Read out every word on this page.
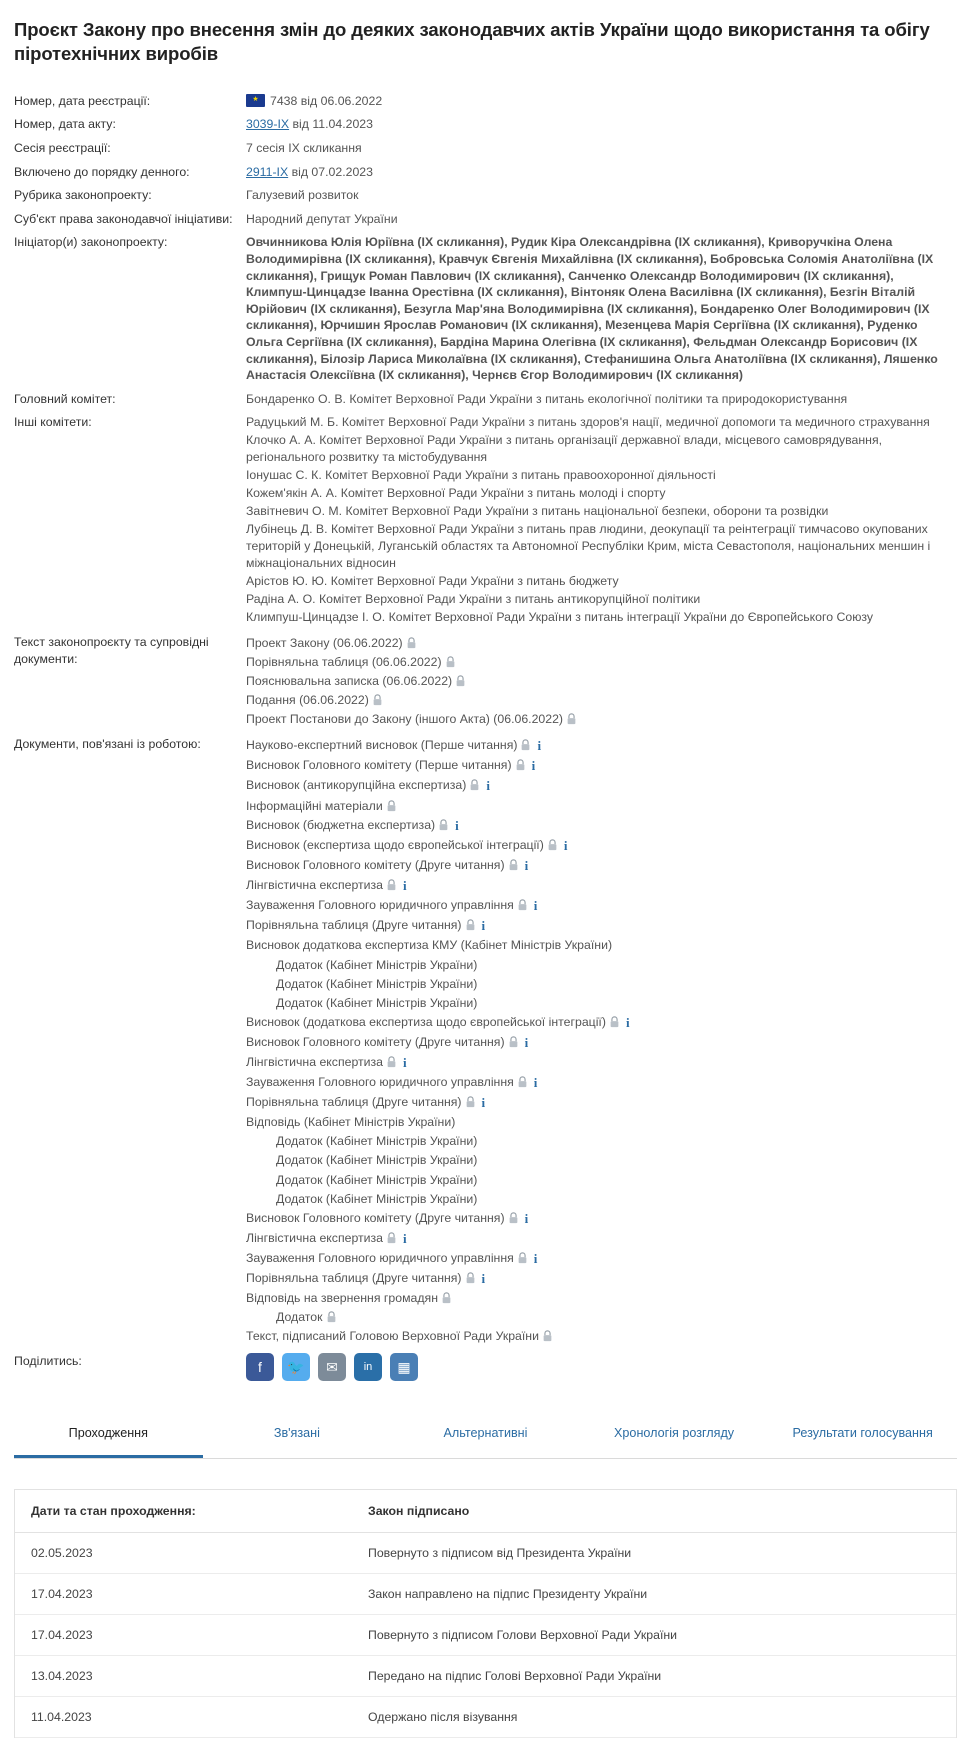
Проєкт Закону про внесення змін до деяких законодавчих актів України щодо використання та обігу піротехнічних виробів
Номер, дата реєстрації:	★7438 від 06.06.2022
Номер, дата акту:	3039-IX від 11.04.2023
Сесія реєстрації:	7 сесія IX скликання
Включено до порядку денного:	2911-IX від 07.02.2023
Рубрика законопроекту:	Галузевий розвиток
Суб'єкт права законодавчої ініціативи:	Народний депутат України
Ініціатор(и) законопроекту:	Овчинникова Юлія Юріївна (IX скликання), Рудик Кіра Олександрівна (IX скликання), Криворучкіна Олена Володимирівна (IX скликання), Кравчук Євгенія Михайлівна (IX скликання), Бобровська Соломія Анатоліївна (IX скликання), Грищук Роман Павлович (IX скликання), Санченко Олександр Володимирович (IX скликання), Климпуш-Цинцадзе Іванна Орестівна (IX скликання), Вінтоняк Олена Василівна (IX скликання), Безгін Віталій Юрійович (IX скликання), Безугла Мар'яна Володимирівна (IX скликання), Бондаренко Олег Володимирович (IX скликання), Юрчишин Ярослав Романович (IX скликання), Мезенцева Марія Сергіївна (IX скликання), Руденко Ольга Сергіївна (IX скликання), Бардіна Марина Олегівна (IX скликання), Фельдман Олександр Борисович (IX скликання), Білозір Лариса Миколаївна (IX скликання), Стефанишина Ольга Анатоліївна (IX скликання), Ляшенко Анастасія Олексіївна (IX скликання), Чернєв Єгор Володимирович (IX скликання)
Головний комітет:	Бондаренко О. В. Комітет Верховної Ради України з питань екологічної політики та природокористування
Інші комітети:	Радуцький М. Б. Комітет Верховної Ради України з питань здоров'я нації, медичної допомоги та медичного страхування
Клочко А. А. Комітет Верховної Ради України з питань організації державної влади, місцевого самоврядування, регіонального розвитку та містобудування
Іонушас С. К. Комітет Верховної Ради України з питань правоохоронної діяльності
Кожем'якін А. А. Комітет Верховної Ради України з питань молоді і спорту
Завітневич О. М. Комітет Верховної Ради України з питань національної безпеки, оборони та розвідки
Лубінець Д. В. Комітет Верховної Ради України з питань прав людини, деокупації та реінтеграції тимчасово окупованих територій у Донецькій, Луганській областях та Автономної Республіки Крим, міста Севастополя, національних меншин і міжнаціональних відносин
Арістов Ю. Ю. Комітет Верховної Ради України з питань бюджету
Радіна А. О. Комітет Верховної Ради України з питань антикорупційної політики
Климпуш-Цинцадзе І. О. Комітет Верховної Ради України з питань інтеграції України до Європейського Союзу

Текст законопроєкту та супровідні документи:	Проект Закону (06.06.2022)
Порівняльна таблиця (06.06.2022)
Пояснювальна записка (06.06.2022)
Подання (06.06.2022)
Проект Постанови до Закону (іншого Акта) (06.06.2022)

Документи, пов'язані із роботою:	Науково-експертний висновок (Перше читання) i
Висновок Головного комітету (Перше читання) i
Висновок (антикорупційна експертиза) i
Інформаційні матеріали
Висновок (бюджетна експертиза) i
Висновок (експертиза щодо європейської інтеграції) i
Висновок Головного комітету (Друге читання) i
Лінгвістична експертиза i
Зауваження Головного юридичного управління i
Порівняльна таблиця (Друге читання) i
Висновок додаткова експертиза КМУ (Кабінет Міністрів України)
Додаток (Кабінет Міністрів України)
Додаток (Кабінет Міністрів України)
Додаток (Кабінет Міністрів України)
Висновок (додаткова експертиза щодо європейської інтеграції) i
Висновок Головного комітету (Друге читання) i
Лінгвістична експертиза i
Зауваження Головного юридичного управління i
Порівняльна таблиця (Друге читання) i
Відповідь (Кабінет Міністрів України)
Додаток (Кабінет Міністрів України)
Додаток (Кабінет Міністрів України)
Додаток (Кабінет Міністрів України)
Додаток (Кабінет Міністрів України)
Висновок Головного комітету (Друге читання) i
Лінгвістична експертиза i
Зауваження Головного юридичного управління i
Порівняльна таблиця (Друге читання) i
Відповідь на звернення громадян
Додаток
Текст, підписаний Головою Верховної Ради України

Поділитись:	f 🐦 ✉ in ▦
Проходження	Зв'язані	Альтернативні	Хронологія розгляду	Результати голосування
Дати та стан проходження:	Закон підписано
02.05.2023	Повернуто з підписом від Президента України
17.04.2023	Закон направлено на підпис Президенту України
17.04.2023	Повернуто з підписом Голови Верховної Ради України
13.04.2023	Передано на підпис Голові Верховної Ради України
11.04.2023	Одержано після візування
